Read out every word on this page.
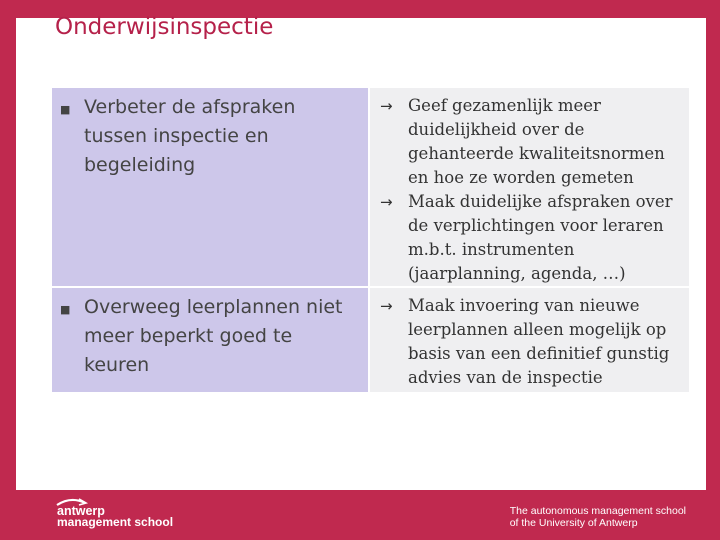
Onderwijsinspectie
■ Verbeter de afspraken tussen inspectie en begeleiding
→ Geef gezamenlijk meer duidelijkheid over de gehanteerde kwaliteitsnormen en hoe ze worden gemeten
→ Maak duidelijke afspraken over de verplichtingen voor leraren m.b.t. instrumenten (jaarplanning, agenda, …)
■ Overweeg leerplannen niet meer beperkt goed te keuren
→ Maak invoering van nieuwe leerplannen alleen mogelijk op basis van een definitief gunstig advies van de inspectie
antwerp
management school
The autonomous management school
of the University of Antwerp
